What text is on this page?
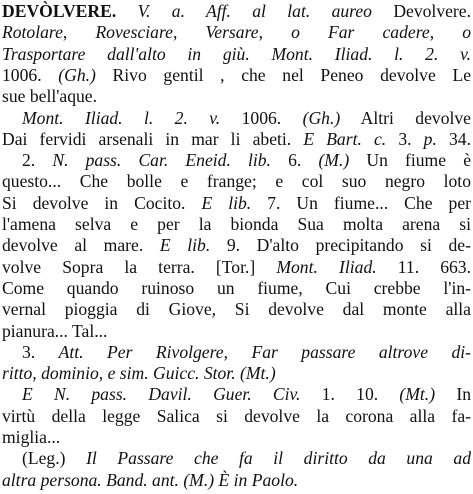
DEVÒLVERE. V. a. Aff. al lat. aureo Devolvere.
Rotolare, Rovesciare, Versare, o Far cadere, o
Trasportare dall'alto in giù. Mont. Iliad. l. 2. v.
1006. (Gh.) Rivo gentil , che nel Peneo devolve Le
sue bell'aque.
Mont. Iliad. l. 2. v. 1006. (Gh.) Altri devolve
Dai fervidi arsenali in mar li abeti. E Bart. c. 3. p. 34.
2. N. pass. Car. Eneid. lib. 6. (M.) Un fiume è
questo... Che bolle e frange; e col suo negro loto
Si devolve in Cocito. E lib. 7. Un fiume... Che per
l'amena selva e per la bionda Sua molta arena si
devolve al mare. E lib. 9. D'alto precipitando si de-
volve Sopra la terra. [Tor.] Mont. Iliad. 11. 663.
Come quando ruinoso un fiume, Cui crebbe l'in-
vernal pioggia di Giove, Si devolve dal monte alla
pianura... Tal...
3. Att. Per Rivolgere, Far passare altrove di-
ritto, dominio, e sim. Guicc. Stor. (Mt.)
E N. pass. Davil. Guer. Civ. 1. 10. (Mt.) In
virtù della legge Salica si devolve la corona alla fa-
miglia...
(Leg.) Il Passare che fa il diritto da una ad
altra persona. Band. ant. (M.) È in Paolo.
